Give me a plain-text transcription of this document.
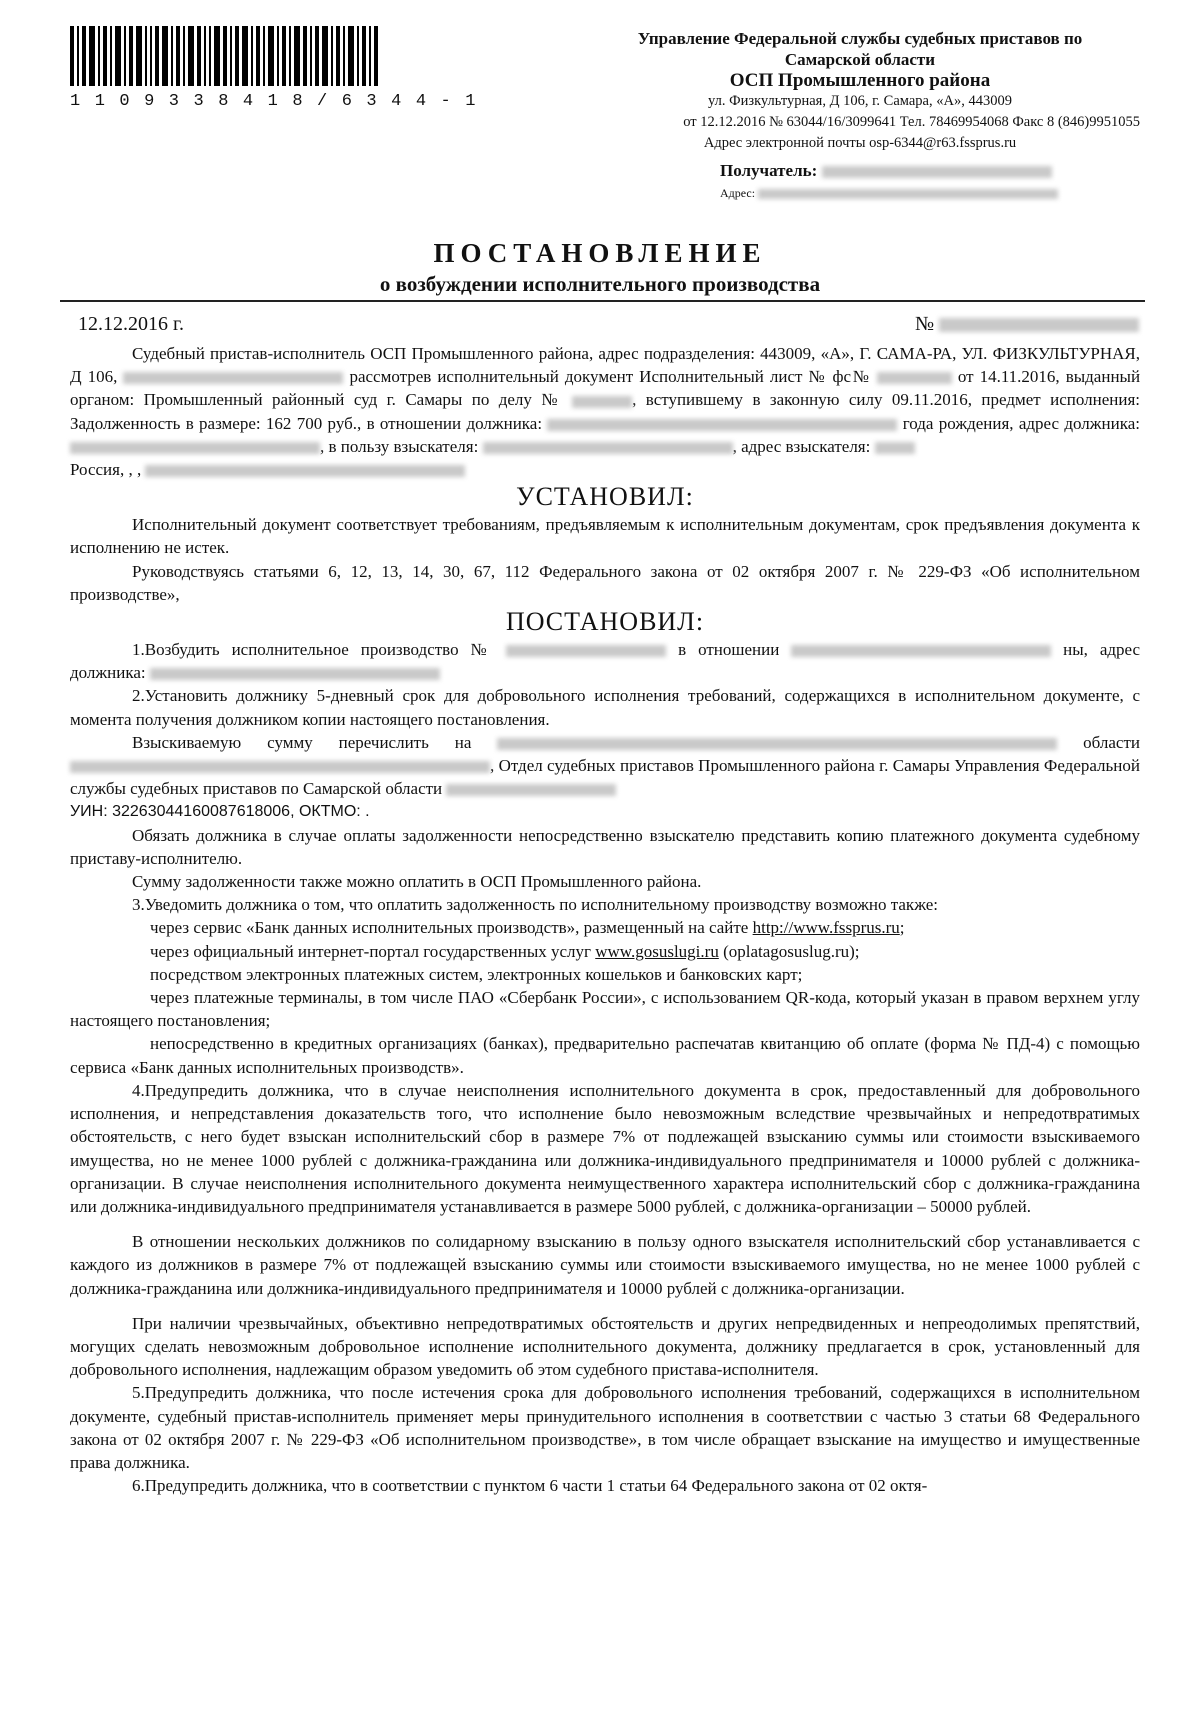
1109338418/6344-1
Управление Федеральной службы судебных приставов по
Самарской области
ОСП Промышленного района
ул. Физкультурная, Д 106, г. Самара, «А», 443009
от 12.12.2016 № 63044/16/3099641 Тел. 78469954068 Факс 8 (846)9951055
Адрес электронной почты osp-6344@r63.fssprus.ru
Получатель:
Адрес:
ПОСТАНОВЛЕНИЕ
о возбуждении исполнительного производства
12.12.2016 г.	№

Судебный пристав-исполнитель ОСП Промышленного района, адрес подразделения: 443009, «А», Г. САМА-РА, УЛ. ФИЗКУЛЬТУРНАЯ, Д 106,	рассмотрев исполнительный документ Исполнительный лист № фс№	от 14.11.2016, выданный органом: Промышленный районный суд г. Самары по делу №	, вступившему в законную силу 09.11.2016, предмет исполнения: Задолженность в размере: 162 700 руб., в отношении должника:	года рождения, адрес должника: , в пользу взыскателя:	, адрес взыскателя:

Россия, , ,

УСТАНОВИЛ:

Исполнительный документ соответствует требованиям, предъявляемым к исполнительным документам, срок предъявления документа к исполнению не истек.

Руководствуясь статьями 6, 12, 13, 14, 30, 67, 112 Федерального закона от 02 октября 2007 г. № 229-ФЗ «Об исполнительном производстве»,

ПОСТАНОВИЛ:

1.Возбудить исполнительное производство №	в отношении	ны, адрес должника:

2.Установить должнику 5-дневный срок для добровольного исполнения требований, содержащихся в исполнительном документе, с момента получения должником копии настоящего постановления.

Взыскиваемую сумму перечислить на	области , Отдел судебных приставов Промышленного района г. Самары Управления Федеральной службы судебных приставов по Самарской области

УИН: 32263044160087618006, ОКТМО: .

Обязать должника в случае оплаты задолженности непосредственно взыскателю представить копию платежного документа судебному приставу-исполнителю.

Сумму задолженности также можно оплатить в ОСП Промышленного района.

3.Уведомить должника о том, что оплатить задолженность по исполнительному производству возможно также:

через сервис «Банк данных исполнительных производств», размещенный на сайте http://www.fssprus.ru;

через официальный интернет-портал государственных услуг www.gosuslugi.ru (oplatagosuslug.ru);

посредством электронных платежных систем, электронных кошельков и банковских карт;

через платежные терминалы, в том числе ПАО «Сбербанк России», с использованием QR-кода, который указан в правом верхнем углу настоящего постановления;

непосредственно в кредитных организациях (банках), предварительно распечатав квитанцию об оплате (форма № ПД-4) с помощью сервиса «Банк данных исполнительных производств».

4.Предупредить должника, что в случае неисполнения исполнительного документа в срок, предоставленный для добровольного исполнения, и непредставления доказательств того, что исполнение было невозможным вследствие чрезвычайных и непредотвратимых обстоятельств, с него будет взыскан исполнительский сбор в размере 7% от подлежащей взысканию суммы или стоимости взыскиваемого имущества, но не менее 1000 рублей с должника-гражданина или должника-индивидуального предпринимателя и 10000 рублей с должника-организации. В случае неисполнения исполнительного документа неимущественного характера исполнительский сбор с должника-гражданина или должника-индивидуального предпринимателя устанавливается в размере 5000 рублей, с должника-организации – 50000 рублей.

В отношении нескольких должников по солидарному взысканию в пользу одного взыскателя исполнительский сбор устанавливается с каждого из должников в размере 7% от подлежащей взысканию суммы или стоимости взыскиваемого имущества, но не менее 1000 рублей с должника-гражданина или должника-индивидуального предпринимателя и 10000 рублей с должника-организации.

При наличии чрезвычайных, объективно непредотвратимых обстоятельств и других непредвиденных и непреодолимых препятствий, могущих сделать невозможным добровольное исполнение исполнительного документа, должнику предлагается в срок, установленный для добровольного исполнения, надлежащим образом уведомить об этом судебного пристава-исполнителя.

5.Предупредить должника, что после истечения срока для добровольного исполнения требований, содержащихся в исполнительном документе, судебный пристав-исполнитель применяет меры принудительного исполнения в соответствии с частью 3 статьи 68 Федерального закона от 02 октября 2007 г. № 229-ФЗ «Об исполнительном производстве», в том числе обращает взыскание на имущество и имущественные права должника.

6.Предупредить должника, что в соответствии с пунктом 6 части 1 статьи 64 Федерального закона от 02 октя-
